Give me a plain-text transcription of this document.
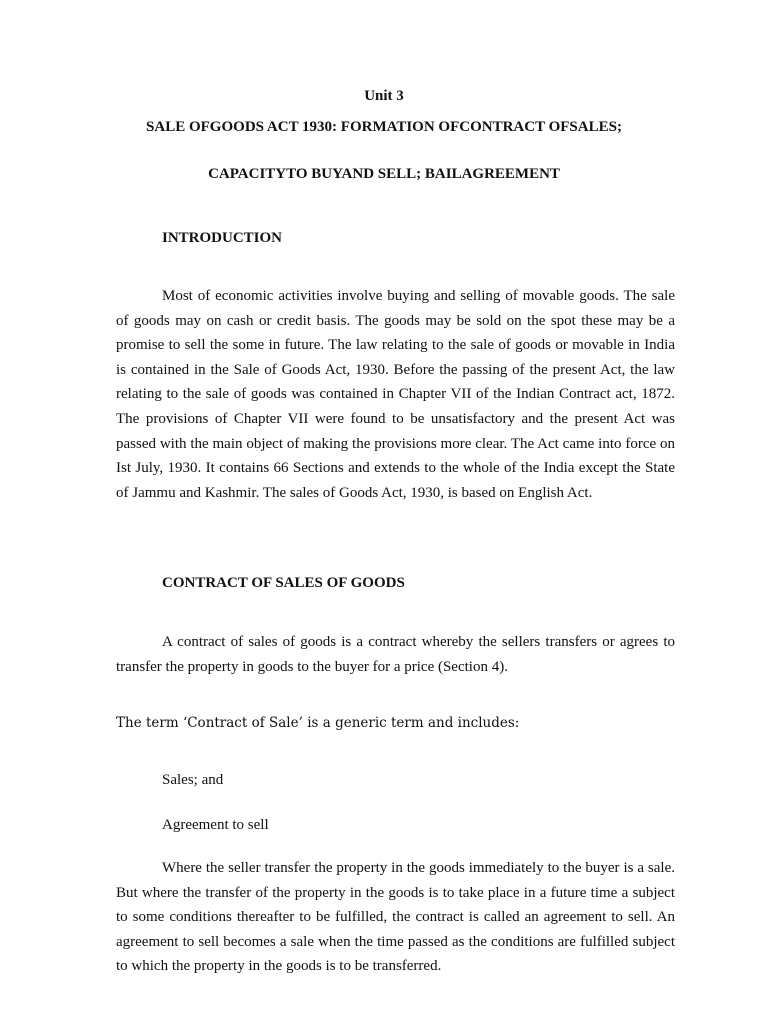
Unit 3
SALE OFGOODS ACT 1930: FORMATION OFCONTRACT OFSALES;
CAPACITYTO BUYAND SELL; BAILAGREEMENT
INTRODUCTION

Most of economic activities involve buying and selling of movable goods. The sale of goods may on cash or credit basis. The goods may be sold on the spot these may be a promise to sell the some in future. The law relating to the sale of goods or movable in India is contained in the Sale of Goods Act, 1930. Before the passing of the present Act, the law relating to the sale of goods was contained in Chapter VII of the Indian Contract act, 1872. The provisions of Chapter VII were found to be unsatisfactory and the present Act was passed with the main object of making the provisions more clear. The Act came into force on Ist July, 1930. It contains 66 Sections and extends to the whole of the India except the State of Jammu and Kashmir. The sales of Goods Act, 1930, is based on English Act.

CONTRACT OF SALES OF GOODS

A contract of sales of goods is a contract whereby the sellers transfers or agrees to transfer the property in goods to the buyer for a price (Section 4).

The term ‘Contract of Sale’ is a generic term and includes:
Sales; and
Agreement to sell

Where the seller transfer the property in the goods immediately to the buyer is a sale. But where the transfer of the property in the goods is to take place in a future time a subject to some conditions thereafter to be fulfilled, the contract is called an agreement to sell. An agreement to sell becomes a sale when the time passed as the conditions are fulfilled subject to which the property in the goods is to be transferred.
